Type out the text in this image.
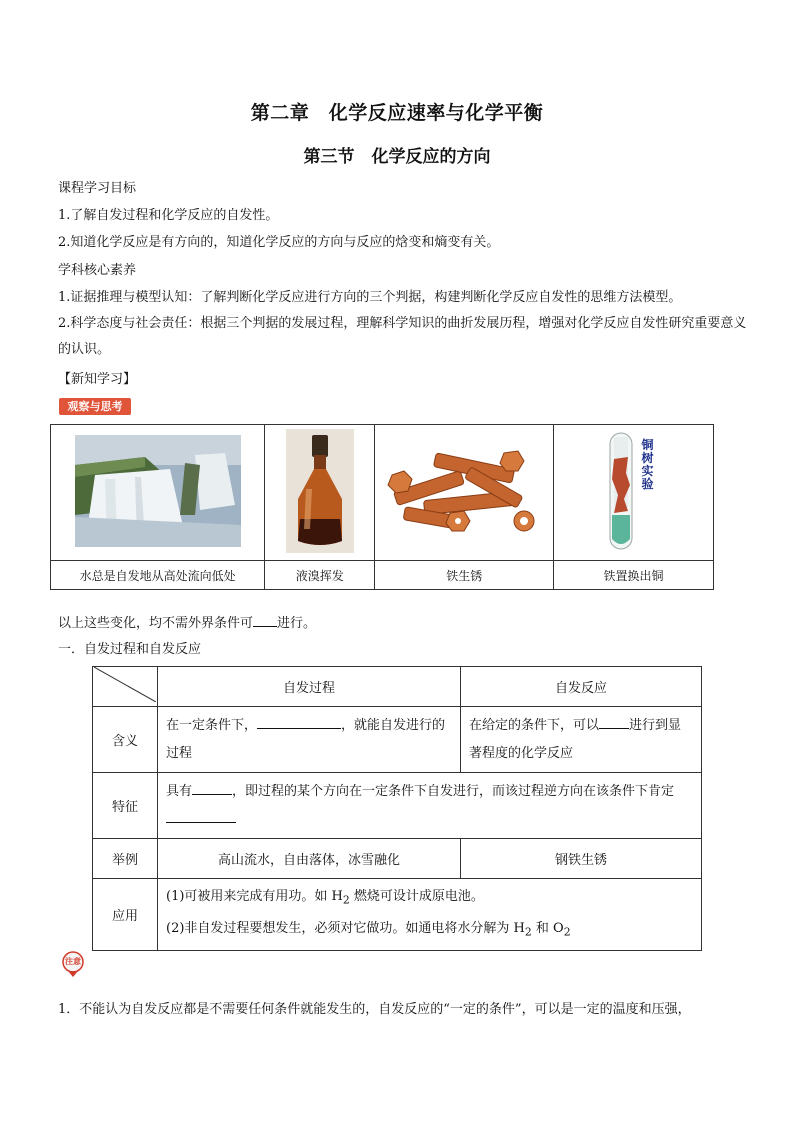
第二章　化学反应速率与化学平衡
第三节　化学反应的方向
课程学习目标
1.了解自发过程和化学反应的自发性。
2.知道化学反应是有方向的，知道化学反应的方向与反应的焓变和熵变有关。
学科核心素养
1.证据推理与模型认知：了解判断化学反应进行方向的三个判据，构建判断化学反应自发性的思维方法模型。
2.科学态度与社会责任：根据三个判据的发展过程，理解科学知识的曲折发展历程，增强对化学反应自发性研究重要意义的认识。
【新知学习】
观察与思考

铜树实验

水总是自发地从高处流向低处	液溴挥发	铁生锈	铁置换出铜
以上这些变化，均不需外界条件可 进行。
一．自发过程和自发反应
	自发过程	自发反应
含义	在一定条件下， ，就能自发进行的过程	在给定的条件下，可以 进行到显著程度的化学反应
特征	具有 ，即过程的某个方向在一定条件下自发进行，而该过程逆方向在该条件下肯定	
举例	高山流水，自由落体，冰雪融化	钢铁生锈
应用	(1)可被用来完成有用功。如 $H_2$ 燃烧可设计成原电池。
(2)非自发过程要想发生，必须对它做功。如通电将水分解为 $H_2$ 和 $O_2$
注意
1．不能认为自发反应都是不需要任何条件就能发生的，自发反应的“一定的条件”，可以是一定的温度和压强，
